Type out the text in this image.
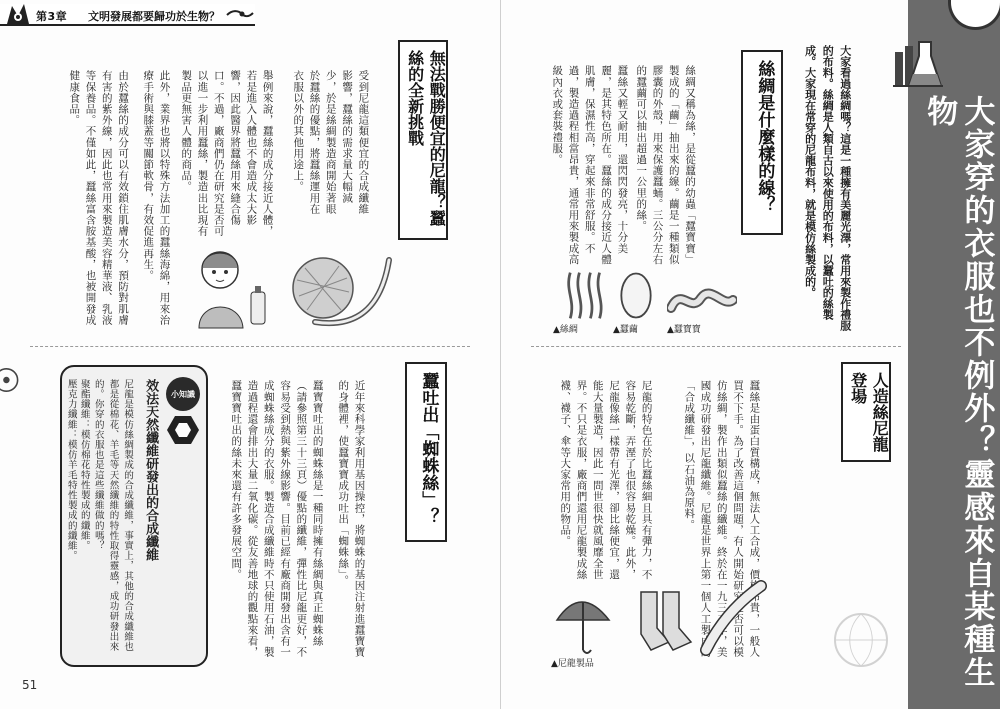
第3章 文明發展都要歸功於生物？
無法戰勝便宜的尼龍？蠶絲的全新挑戰
受到尼龍這類便宜的合成纖維影響，蠶絲的需求量大幅減少，於是絲綢製造商開始著眼於蠶絲的優點，將蠶絲運用在衣服以外的其他用途上。
舉例來說，蠶絲的成分接近人體，若是進入人體也不會造成太大影響，因此醫界將蠶絲用來縫合傷口。不過，廠商們仍在研究是否可以進一步利用蠶絲，製造出比現有製品更無害人體的商品。
此外，業界也將以特殊方法加工的蠶絲海綿，用來治療手術與膝蓋等關節軟骨，有效促進再生。
由於蠶絲的成分可以有效鎖住肌膚水分，預防對肌膚有害的紫外線，因此也常用來製造美容精華液、乳液等保養品。不僅如此，蠶絲富含胺基酸，也被開發成健康食品。
蠶吐出「蜘蛛絲」？
近年來科學家利用基因操控，將蜘蛛的基因注射進蠶寶寶的身體裡，使蠶寶寶成功吐出「蜘蛛絲」。
蠶寶寶吐出的蜘蛛絲是一種同時擁有絲綢與真正蜘蛛絲（請參照第三十三頁）優點的纖維，彈性比尼龍更好，不容易受到熱與紫外線影響。目前已經有廠商開發出含有一成蜘蛛絲成分的衣服。製造合成纖維時不只使用石油，製造過程還會排出大量二氧化碳。從友善地球的觀點來看，蠶寶寶吐出的絲未來還有許多發展空間。
小知識
效法天然纖維研發出的合成纖維
尼龍是模仿絲綢製成的合成纖維，事實上，其他的合成纖維也都是從棉花、羊毛等天然纖維的特性取得靈感，成功研發出來的。你穿的衣服也是這些纖維做的嗎？
聚酯纖維：模仿棉花特性製成的纖維。
壓克力纖維：模仿羊毛特性製成的纖維。
51	大家穿的衣服也不例外？靈感來自某種生物
大家看過絲綢嗎？這是一種擁有美麗光澤，常用來製作禮服的布料。絲綢是人類自古以來使用的布料，以蠶吐的絲製成。大家現在常穿的尼龍布料，就是模仿絲製成的。
絲綢是什麼樣的線？
絲綢又稱為絲，是從蠶的幼蟲「蠶寶寶」製成的「繭」抽出來的線。繭是一種類似膠囊的外殼，用來保護蠶蛹。三公分左右的蠶繭可以抽出超過一公里的絲。
蠶絲又輕又耐用，還閃閃發亮，十分美麗，是其特色所在。蠶絲的成分接近人體肌膚，保濕性高，穿起來非常舒服。不過，製造過程相當昂貴，通常用來製成高級內衣或套裝禮服。
▲絲綢	▲蠶繭	▲蠶寶寶
人造絲尼龍登場
蠶絲是由蛋白質構成，無法人工合成，價格昂貴，一般人買不下手。為了改善這個問題，有人開始研究是否可以模仿絲綢，製作出類似蠶絲的纖維。終於在一九三五年，美國成功研發出尼龍纖維。尼龍是世界上第一個人工製成的「合成纖維」，以石油為原料。
尼龍的特色在於比蠶絲細且具有彈力，不容易乾斷，弄溼了也很容易乾燥。此外，尼龍像絲一樣帶有光澤，卻比絲便宜，還能大量製造，因此一問世很快就風靡全世界。不只是衣服，廠商們還用尼龍製成絲襪、襪子、傘等大家常用的物品。
▲尼龍製品
